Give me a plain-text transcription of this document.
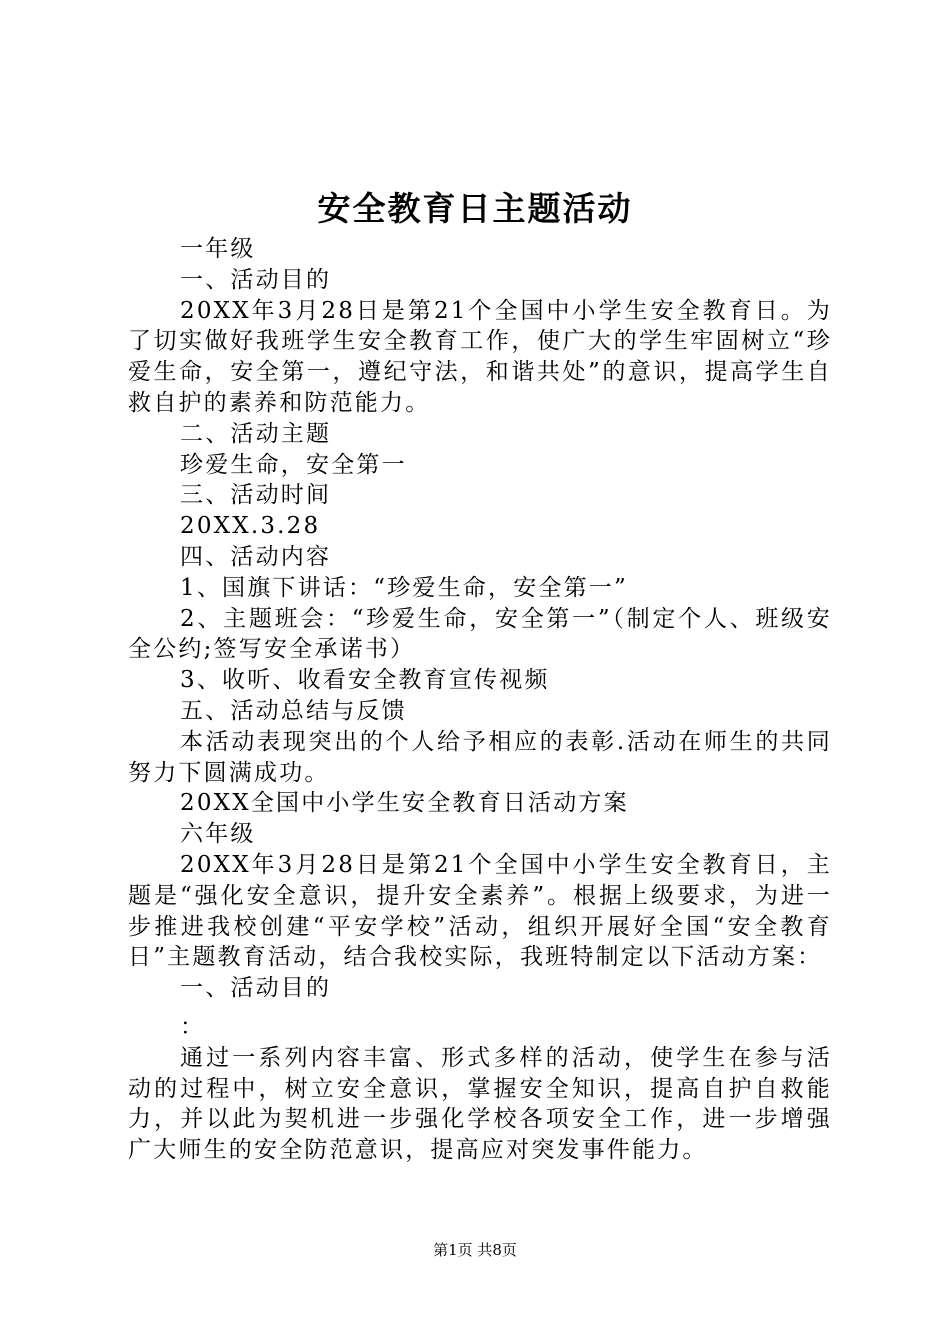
安全教育日主题活动

一年级

一、活动目的

20XX年3月28日是第21个全国中小学生安全教育日。为了切实做好我班学生安全教育工作，使广大的学生牢固树立“珍爱生命，安全第一，遵纪守法，和谐共处”的意识，提高学生自救自护的素养和防范能力。

二、活动主题

珍爱生命，安全第一

三、活动时间

20XX.3.28

四、活动内容

1、国旗下讲话：“珍爱生命，安全第一”

2、主题班会：“珍爱生命，安全第一”（制定个人、班级安全公约;签写安全承诺书）

3、收听、收看安全教育宣传视频

五、活动总结与反馈

本活动表现突出的个人给予相应的表彰.活动在师生的共同努力下圆满成功。

20XX全国中小学生安全教育日活动方案

六年级

20XX年3月28日是第21个全国中小学生安全教育日，主题是“强化安全意识，提升安全素养”。根据上级要求，为进一步推进我校创建“平安学校”活动，组织开展好全国“安全教育日”主题教育活动，结合我校实际，我班特制定以下活动方案：

一、活动目的

：

通过一系列内容丰富、形式多样的活动，使学生在参与活动的过程中，树立安全意识，掌握安全知识，提高自护自救能力，并以此为契机进一步强化学校各项安全工作，进一步增强广大师生的安全防范意识，提高应对突发事件能力。

第1页 共8页
